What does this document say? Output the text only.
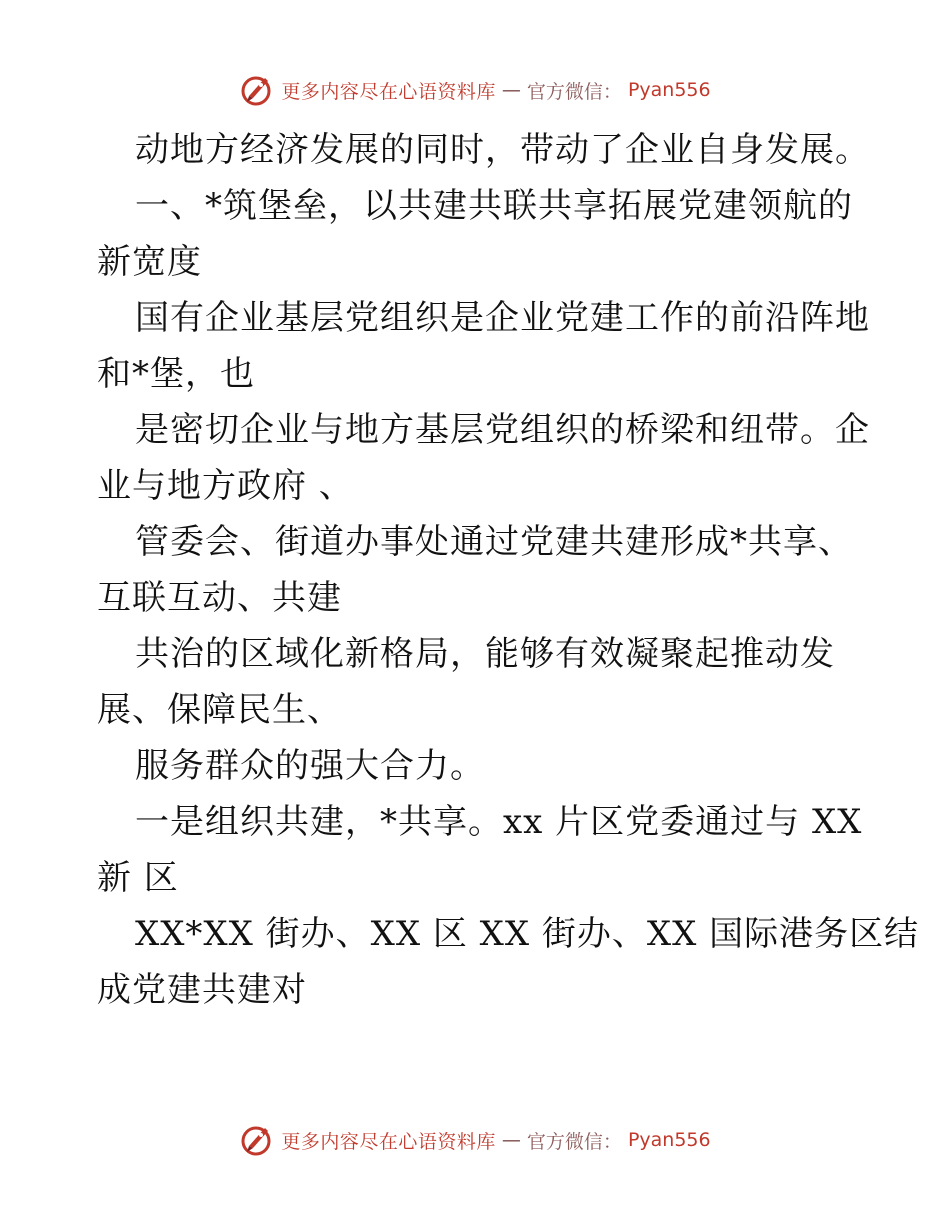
更多内容尽在心语资料库 — 官方微信： Pyan556
动地方经济发展的同时，带动了企业自身发展。
一、*筑堡垒，以共建共联共享拓展党建领航的
新宽度
国有企业基层党组织是企业党建工作的前沿阵地
和*堡，也
是密切企业与地方基层党组织的桥梁和纽带。企
业与地方政府 、
管委会、街道办事处通过党建共建形成*共享、
互联互动、共建
共治的区域化新格局，能够有效凝聚起推动发
展、保障民生、
服务群众的强大合力。
一是组织共建，*共享。xx 片区党委通过与 XX
新 区
XX*XX 街办、XX 区 XX 街办、XX 国际港务区结
成党建共建对
更多内容尽在心语资料库 — 官方微信： Pyan556
